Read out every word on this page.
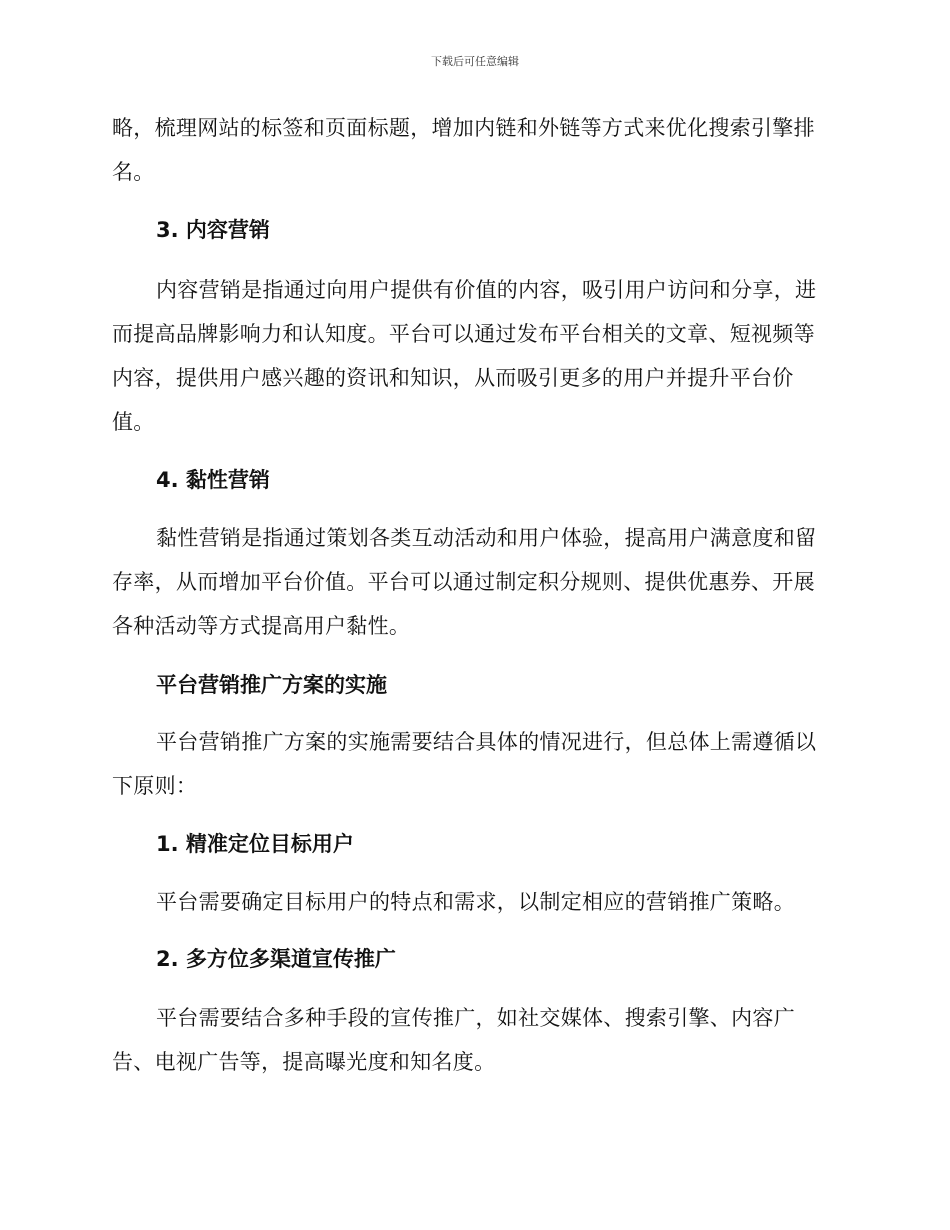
下载后可任意编辑
略，梳理网站的标签和页面标题，增加内链和外链等方式来优化搜索引擎排名。
3. 内容营销
内容营销是指通过向用户提供有价值的内容，吸引用户访问和分享，进而提高品牌影响力和认知度。平台可以通过发布平台相关的文章、短视频等内容，提供用户感兴趣的资讯和知识，从而吸引更多的用户并提升平台价值。
4. 黏性营销
黏性营销是指通过策划各类互动活动和用户体验，提高用户满意度和留存率，从而增加平台价值。平台可以通过制定积分规则、提供优惠券、开展各种活动等方式提高用户黏性。
平台营销推广方案的实施
平台营销推广方案的实施需要结合具体的情况进行，但总体上需遵循以下原则：
1. 精准定位目标用户
平台需要确定目标用户的特点和需求，以制定相应的营销推广策略。
2. 多方位多渠道宣传推广
平台需要结合多种手段的宣传推广，如社交媒体、搜索引擎、内容广告、电视广告等，提高曝光度和知名度。
